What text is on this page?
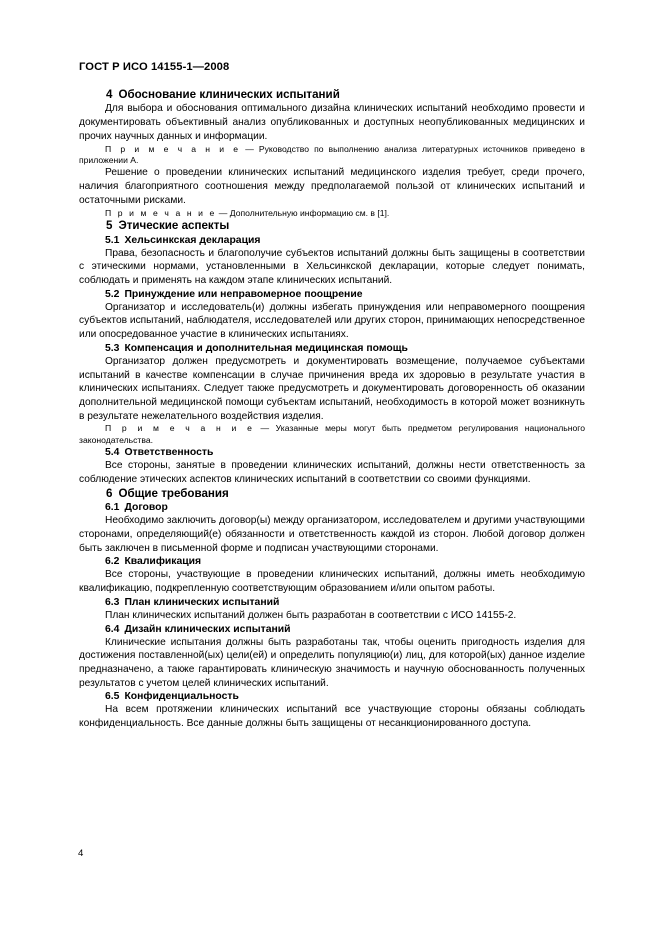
ГОСТ Р ИСО 14155-1—2008
4 Обоснование клинических испытаний

Для выбора и обоснования оптимального дизайна клинических испытаний необходимо провести и документировать объективный анализ опубликованных и доступных неопубликованных медицинских и прочих научных данных и информации.

П р и м е ч а н и е — Руководство по выполнению анализа литературных источников приведено в приложении А.

Решение о проведении клинических испытаний медицинского изделия требует, среди прочего, наличия благоприятного соотношения между предполагаемой пользой от клинических испытаний и остаточными рисками.

П р и м е ч а н и е — Дополнительную информацию см. в [1].

5 Этические аспекты
5.1 Хельсинкская декларация

Права, безопасность и благополучие субъектов испытаний должны быть защищены в соответствии с этическими нормами, установленными в Хельсинкской декларации, которые следует понимать, соблюдать и применять на каждом этапе клинических испытаний.

5.2 Принуждение или неправомерное поощрение

Организатор и исследователь(и) должны избегать принуждения или неправомерного поощрения субъектов испытаний, наблюдателя, исследователей или других сторон, принимающих непосредственное или опосредованное участие в клинических испытаниях.

5.3 Компенсация и дополнительная медицинская помощь

Организатор должен предусмотреть и документировать возмещение, получаемое субъектами испытаний в качестве компенсации в случае причинения вреда их здоровью в результате участия в клинических испытаниях. Следует также предусмотреть и документировать договоренность об оказании дополнительной медицинской помощи субъектам испытаний, необходимость в которой может возникнуть в результате нежелательного воздействия изделия.

П р и м е ч а н и е — Указанные меры могут быть предметом регулирования национального законодательства.

5.4 Ответственность

Все стороны, занятые в проведении клинических испытаний, должны нести ответственность за соблюдение этических аспектов клинических испытаний в соответствии со своими функциями.

6 Общие требования
6.1 Договор

Необходимо заключить договор(ы) между организатором, исследователем и другими участвующими сторонами, определяющий(е) обязанности и ответственность каждой из сторон. Любой договор должен быть заключен в письменной форме и подписан участвующими сторонами.

6.2 Квалификация

Все стороны, участвующие в проведении клинических испытаний, должны иметь необходимую квалификацию, подкрепленную соответствующим образованием и/или опытом работы.

6.3 План клинических испытаний

План клинических испытаний должен быть разработан в соответствии с ИСО 14155-2.

6.4 Дизайн клинических испытаний

Клинические испытания должны быть разработаны так, чтобы оценить пригодность изделия для достижения поставленной(ых) цели(ей) и определить популяцию(и) лиц, для которой(ых) данное изделие предназначено, а также гарантировать клиническую значимость и научную обоснованность полученных результатов с учетом целей клинических испытаний.

6.5 Конфиденциальность

На всем протяжении клинических испытаний все участвующие стороны обязаны соблюдать конфиденциальность. Все данные должны быть защищены от несанкционированного доступа.

4
